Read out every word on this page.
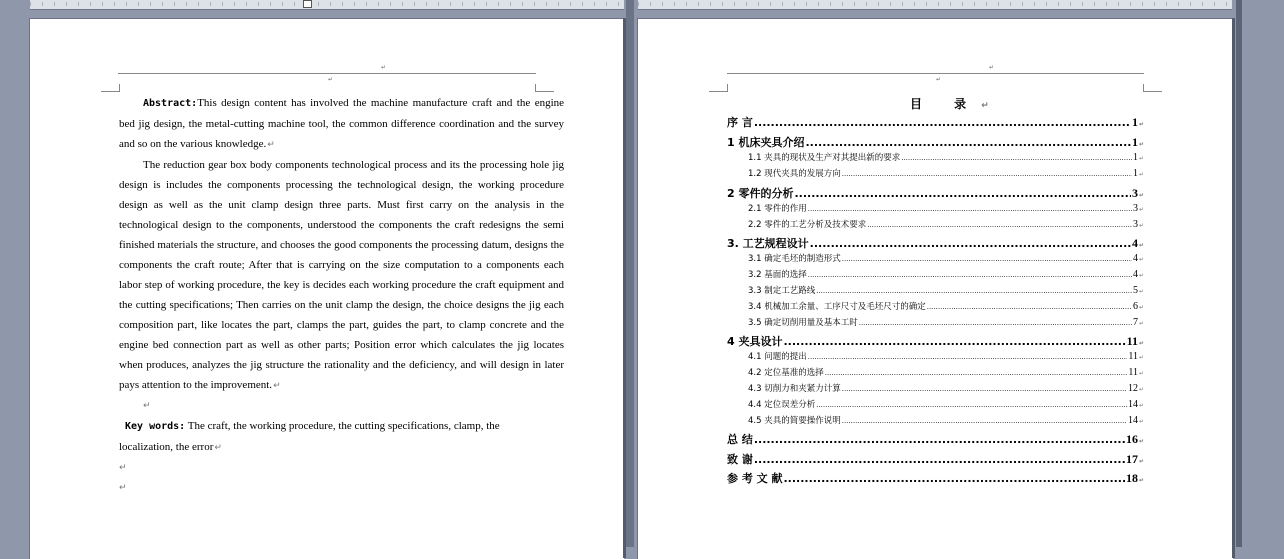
↵
↵

Abstract:This design content has involved the machine manufacture craft and the engine bed jig design, the metal-cutting machine tool, the common difference coordination and the survey and so on the various knowledge.↵

The reduction gear box body components technological process and its the processing hole jig design is includes the components processing the technological design, the working procedure design as well as the unit clamp design three parts. Must first carry on the analysis in the technological design to the components, understood the components the craft redesigns the semi finished materials the structure, and chooses the good components the processing datum, designs the components the craft route; After that is carrying on the size computation to a components each labor step of working procedure, the key is decides each working procedure the craft equipment and the cutting specifications; Then carries on the unit clamp the design, the choice designs the jig each composition part, like locates the part, clamps the part, guides the part, to clamp concrete and the engine bed connection part as well as other parts; Position error which calculates the jig locates when produces, analyzes the jig structure the rationality and the deficiency, and will design in later pays attention to the improvement.↵

↵

Key words: The craft, the working procedure, the cutting specifications, clamp, the

localization, the error↵

↵
↵
↵
↵
目 录↵
序 言 .....	1 ↵
1 机床夹具介绍 .....	1 ↵
1.1 夹具的现状及生产对其提出新的要求 .....	1 ↵
1.2 现代夹具的发展方向 .....	1 ↵
2 零件的分析 .....	3 ↵
2.1 零件的作用 .....	3 ↵
2.2 零件的工艺分析及技术要求 .....	3 ↵
3. 工艺规程设计 .....	4 ↵
3.1 确定毛坯的制造形式 .....	4 ↵
3.2 基面的选择 .....	4 ↵
3.3 制定工艺路线 .....	5 ↵
3.4 机械加工余量、工序尺寸及毛坯尺寸的确定 .....	6 ↵
3.5 确定切削用量及基本工时 .....	7 ↵
4 夹具设计 .....	11 ↵
4.1 问题的提出 .....	11 ↵
4.2 定位基准的选择 .....	11 ↵
4.3 切削力和夹紧力计算 .....	12 ↵
4.4 定位误差分析 .....	14 ↵
4.5 夹具的简要操作说明 .....	14 ↵
总 结 .....	16 ↵
致 谢 .....	17 ↵
参 考 文 献 .....	18 ↵
